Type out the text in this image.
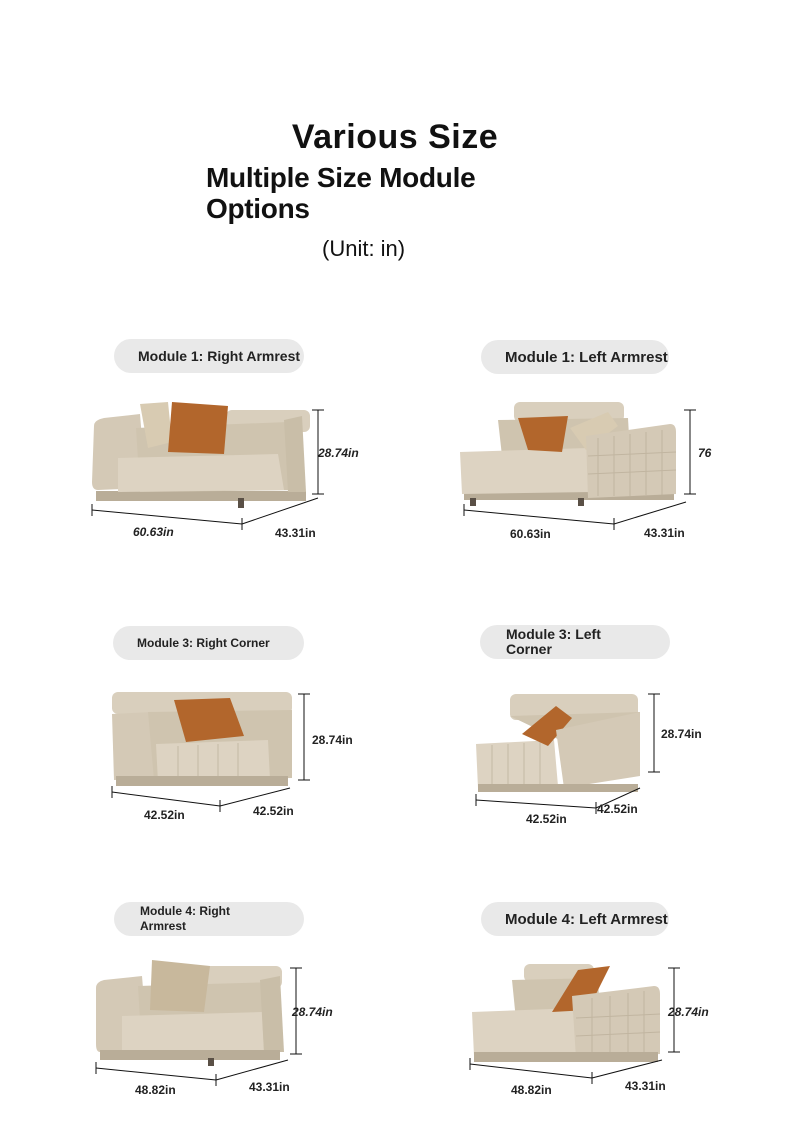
Various Size
Multiple Size Module Options
(Unit: in)
Module 1: Right Armrest
28.74in
60.63in	43.31in
Module 1: Left Armrest
76
60.63in	43.31in
Module 3: Right Corner
28.74in
42.52in	42.52in
Module 3: Left Corner
28.74in
42.52in
42.52in
Module 4: Right Armrest
28.74in
48.82in	43.31in
Module 4: Left Armrest
28.74in
48.82in	43.31in
